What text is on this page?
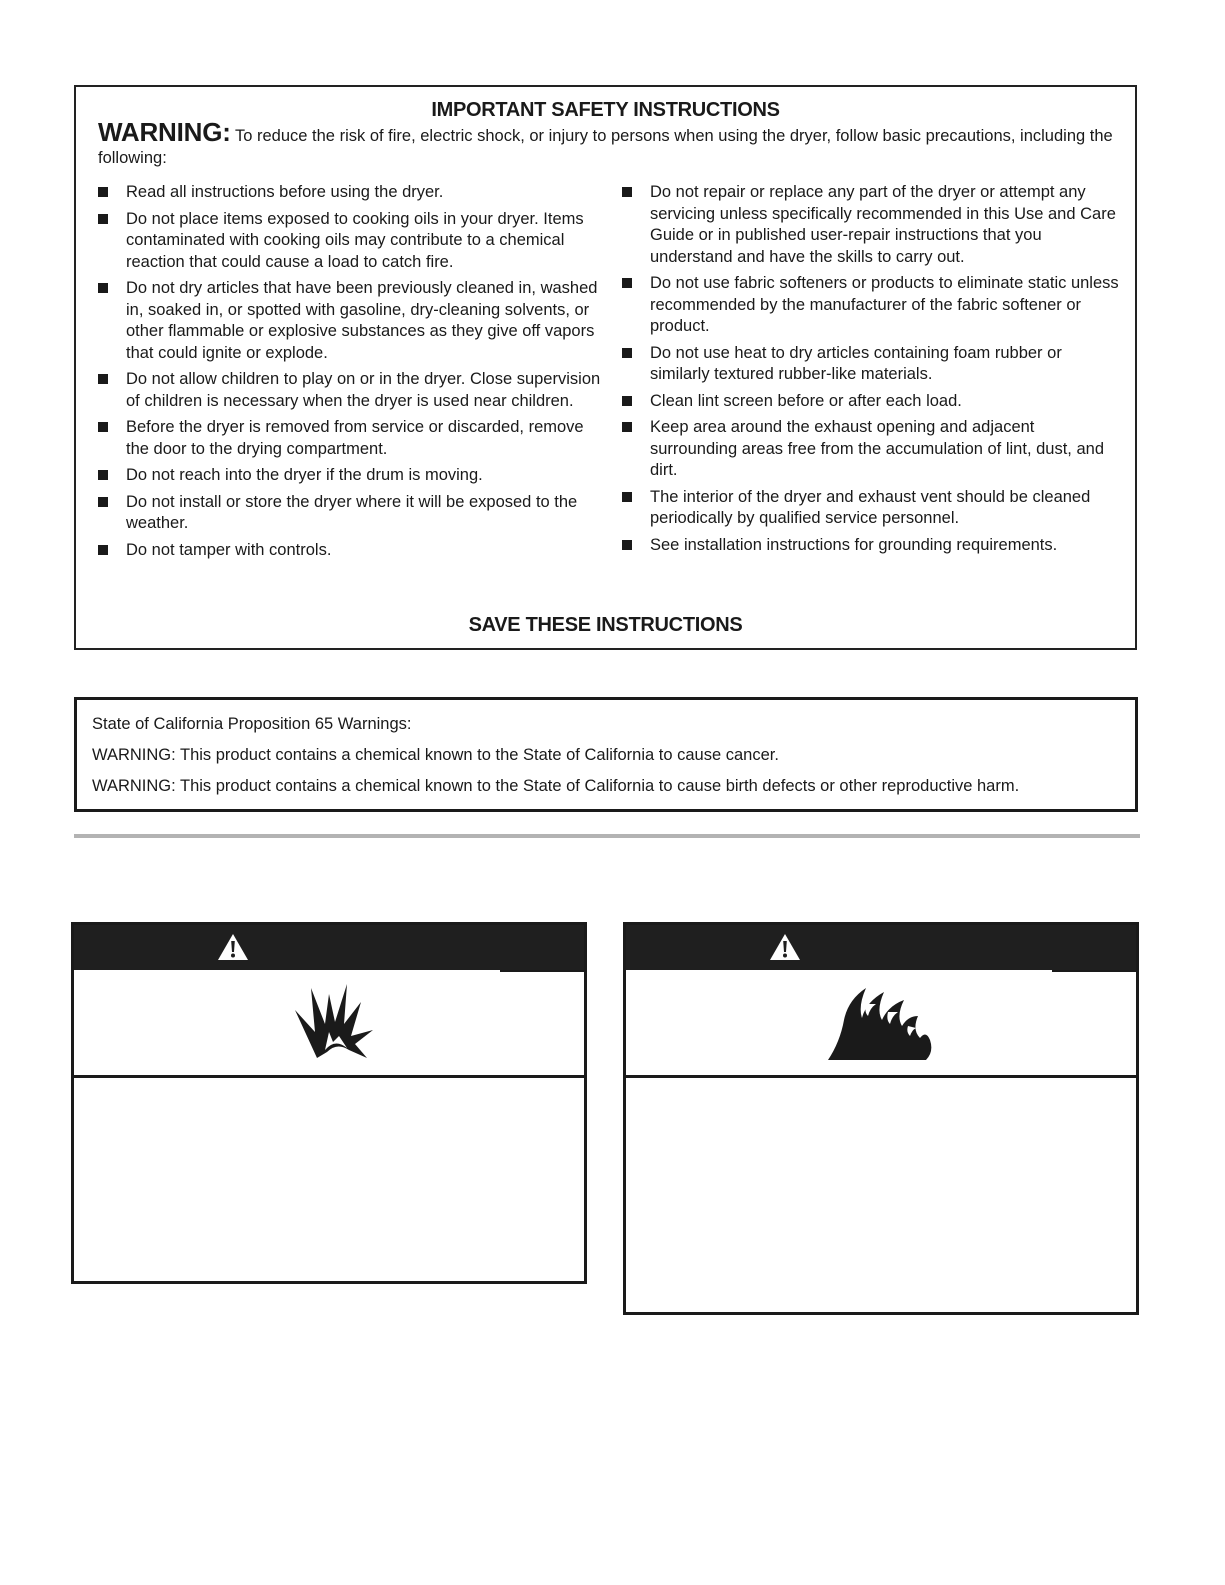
IMPORTANT SAFETY INSTRUCTIONS
WARNING: To reduce the risk of fire, electric shock, or injury to persons when using the dryer, follow basic precautions, including the following:
Read all instructions before using the dryer.
Do not place items exposed to cooking oils in your dryer. Items contaminated with cooking oils may contribute to a chemical reaction that could cause a load to catch fire.
Do not dry articles that have been previously cleaned in, washed in, soaked in, or spotted with gasoline, dry-cleaning solvents, or other flammable or explosive substances as they give off vapors that could ignite or explode.
Do not allow children to play on or in the dryer. Close supervision of children is necessary when the dryer is used near children.
Before the dryer is removed from service or discarded, remove the door to the drying compartment.
Do not reach into the dryer if the drum is moving.
Do not install or store the dryer where it will be exposed to the weather.
Do not tamper with controls.
Do not repair or replace any part of the dryer or attempt any servicing unless specifically recommended in this Use and Care Guide or in published user-repair instructions that you understand and have the skills to carry out.
Do not use fabric softeners or products to eliminate static unless recommended by the manufacturer of the fabric softener or product.
Do not use heat to dry articles containing foam rubber or similarly textured rubber-like materials.
Clean lint screen before or after each load.
Keep area around the exhaust opening and adjacent surrounding areas free from the accumulation of lint, dust, and dirt.
The interior of the dryer and exhaust vent should be cleaned periodically by qualified service personnel.
See installation instructions for grounding requirements.
SAVE THESE INSTRUCTIONS
State of California Proposition 65 Warnings:
WARNING: This product contains a chemical known to the State of California to cause cancer.
WARNING: This product contains a chemical known to the State of California to cause birth defects or other reproductive harm.
